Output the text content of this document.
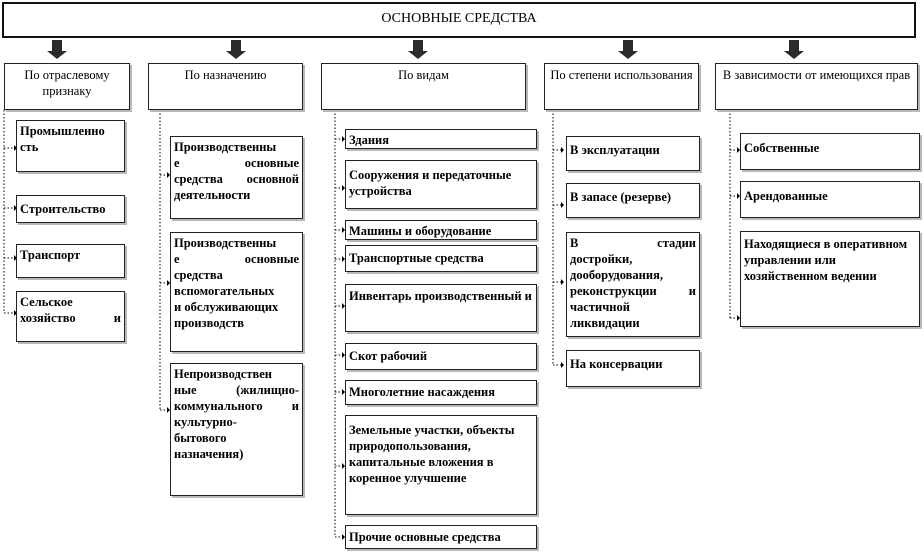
ОСНОВНЫЕ СРЕДСТВА
По отраслевому признаку
По назначению	По видам	По степени использования	В зависимости от имеющихся прав
Промышленно
сть
Строительство
Транспорт
Сельское
хозяйство и
Производственны
е основные
средства основной
деятельности
Производственны
е основные
средства
вспомогательных
и обслуживающих
производств
Непроизводствен
ные (жилищно-
коммунального и
культурно-
бытового
назначения)
Здания
Сооружения и передаточные устройства
Машины и оборудование
Транспортные средства
Инвентарь производственный и
Скот рабочий
Многолетние насаждения
Земельные участки, объекты природопользования, капитальные вложения в коренное улучшение
Прочие основные средства
В эксплуатации
В запасе (резерве)
В стадии
достройки,
дооборудования,
реконструкции и
частичной
ликвидации
На консервации
Собственные
Арендованные
Находящиеся в оперативном управлении или хозяйственном ведении
